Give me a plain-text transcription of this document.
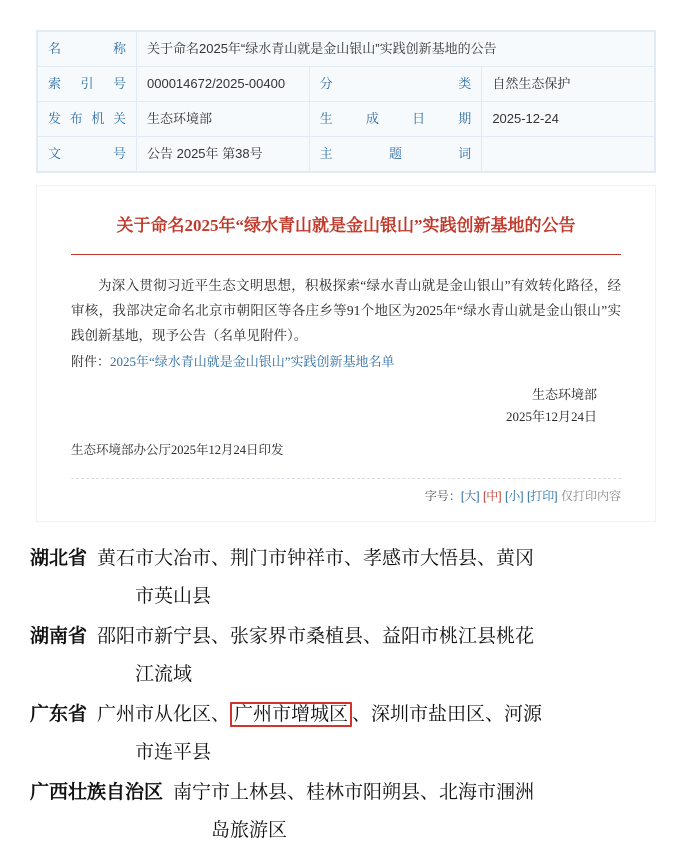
名　称	关于命名2025年“绿水青山就是金山银山”实践创新基地的公告		
索 引 号	000014672/2025-00400	分　　类	自然生态保护
发布机关	生态环境部	生成日期	2025-12-24
文　　号	公告 2025年 第38号	主 题 词	
关于命名2025年“绿水青山就是金山银山”实践创新基地的公告
为深入贯彻习近平生态文明思想，积极探索“绿水青山就是金山银山”有效转化路径，经审核，我部决定命名北京市朝阳区等各庄乡等91个地区为2025年“绿水青山就是金山银山”实践创新基地，现予公告（名单见附件）。
附件：2025年“绿水青山就是金山银山”实践创新基地名单
生态环境部
2025年12月24日
生态环境部办公厅2025年12月24日印发
字号：[大] [中] [小] [打印] 仅打印内容
湖北省 黄石市大冶市、荆门市钟祥市、孝感市大悟县、黄冈
市英山县
湖南省 邵阳市新宁县、张家界市桑植县、益阳市桃江县桃花
江流域
广东省 广州市从化区、 广州市增城区 、深圳市盐田区、河源
市连平县
广西壮族自治区 南宁市上林县、桂林市阳朔县、北海市涠洲
岛旅游区
